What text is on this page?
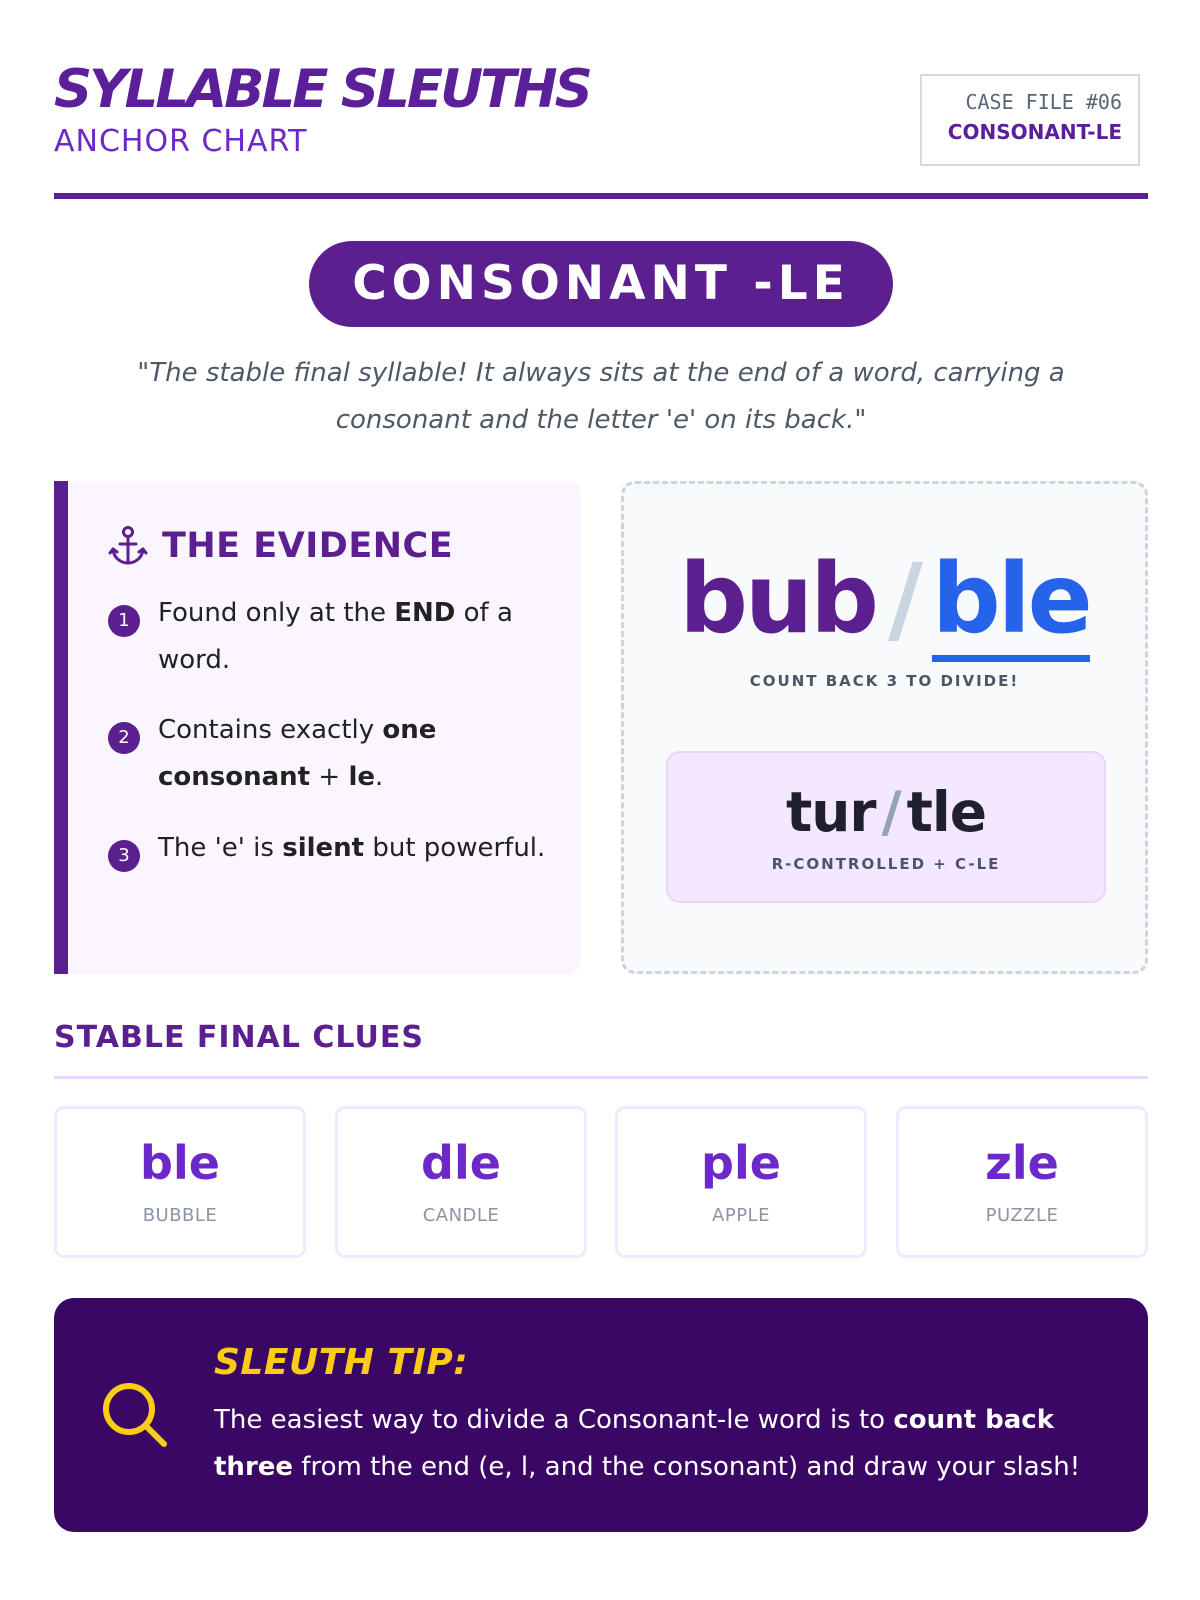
SYLLABLE SLEUTHS
ANCHOR CHART
CASE FILE #06
CONSONANT-LE
CONSONANT -LE
"The stable final syllable! It always sits at the end of a word, carrying a consonant and the letter 'e' on its back."
THE EVIDENCE
1	Found only at the END of a word.
2	Contains exactly one consonant + le.
3	The 'e' is silent but powerful.
bub / ble
COUNT BACK 3 TO DIVIDE!
tur / tle
R-CONTROLLED + C-LE
STABLE FINAL CLUES
ble
BUBBLE
dle
CANDLE
ple
APPLE
zle
PUZZLE
SLEUTH TIP:
The easiest way to divide a Consonant-le word is to count back three from the end (e, l, and the consonant) and draw your slash!
